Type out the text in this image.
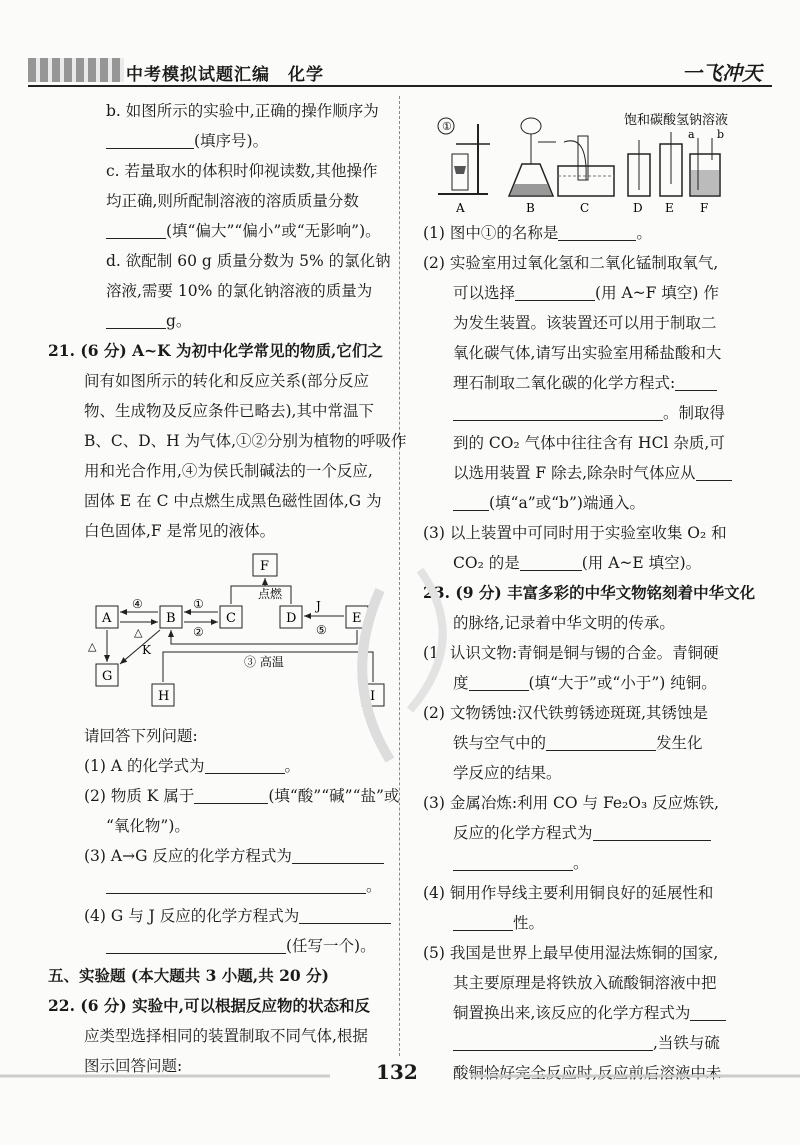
中考模拟试题汇编　化学	一飞冲天
b. 如图所示的实验中,正确的操作顺序为
(填序号)。
c. 若量取水的体积时仰视读数,其他操作
均正确,则所配制溶液的溶质质量分数
(填“偏大”“偏小”或“无影响”)。
d. 欲配制 60 g 质量分数为 5% 的氯化钠
溶液,需要 10% 的氯化钠溶液的质量为
g。
21. (6 分) A~K 为初中化学常见的物质,它们之
间有如图所示的转化和反应关系(部分反应
物、生成物及反应条件已略去),其中常温下
B、C、D、H 为气体,①②分别为植物的呼吸作
用和光合作用,④为侯氏制碱法的一个反应,
固体 E 在 C 中点燃生成黑色磁性固体,G 为
白色固体,F 是常见的液体。
F
A	B	C	D	E
G
H	I
④
△
①
②
点燃
J
⑤
③ 高温
△	K
请回答下列问题:
(1) A 的化学式为	。
(2) 物质 K 属于	(填“酸”“碱”“盐”或
“氧化物”)。
(3) A→G 反应的化学方程式为
。
(4) G 与 J 反应的化学方程式为
(任写一个)。
五、实验题 (本大题共 3 小题,共 20 分)
22. (6 分) 实验中,可以根据反应物的状态和反
应类型选择相同的装置制取不同气体,根据
图示回答问题:
饱和碳酸氢钠溶液
①
A	B	C	D E
a b
F
(1) 图中①的名称是	。
(2) 实验室用过氧化氢和二氧化锰制取氧气,
可以选择	(用 A~F 填空) 作
为发生装置。该装置还可以用于制取二
氧化碳气体,请写出实验室用稀盐酸和大
理石制取二氧化碳的化学方程式:
。制取得
到的 CO₂ 气体中往往含有 HCl 杂质,可
以选用装置 F 除去,除杂时气体应从
(填“a”或“b”)端通入。
(3) 以上装置中可同时用于实验室收集 O₂ 和
CO₂ 的是	(用 A~E 填空)。
23. (9 分) 丰富多彩的中华文物铭刻着中华文化
的脉络,记录着中华文明的传承。
(1) 认识文物:青铜是铜与锡的合金。青铜硬
度	(填“大于”或“小于”) 纯铜。
(2) 文物锈蚀:汉代铁剪锈迹斑斑,其锈蚀是
铁与空气中的	发生化
学反应的结果。
(3) 金属冶炼:利用 CO 与 Fe₂O₃ 反应炼铁,
反应的化学方程式为
。
(4) 铜用作导线主要利用铜良好的延展性和
性。
(5) 我国是世界上最早使用湿法炼铜的国家,
其主要原理是将铁放入硫酸铜溶液中把
铜置换出来,该反应的化学方程式为
,当铁与硫
酸铜恰好完全反应时,反应前后溶液中未
132
